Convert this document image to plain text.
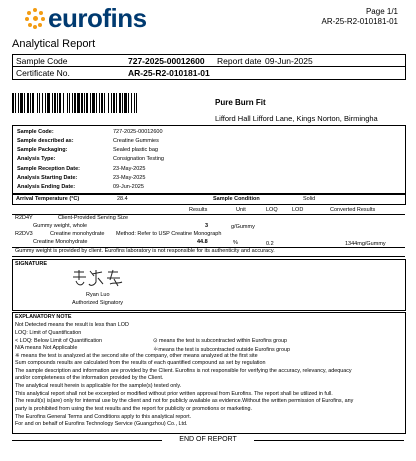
eurofins	Page 1/1
AR-25-R2-010181-01
Analytical Report
Sample Code	727-2025-00012600 Report date 09-Jun-2025
Certificate No.	AR-25-R2-010181-01
Pure Burn Fit
Lifford Hall Lifford Lane, Kings Norton, Birmingha
Sample Code:	727-2025-00012600
Sample described as:	Creatine Gummies
Sample Packaging:	Sealed plastic bag
Analysis Type:	Consignation Testing
Sample Reception Date:	23-May-2025
Analysis Starting Date:	23-May-2025
Analysis Ending Date:	09-Jun-2025
Arrival Temperature (°C)	28.4	Sample Condition	Solid
Results	Unit	LOQ	LOD	Converted Results
R2D4Y	Client-Provided Serving Size
Gummy weight, whole	3	g/Gummy
R2DV3	Creatine monohydrate Method: Refer to USP Creatine Monograph
Creatine Monohydrate	44.8	%	0.2	1344mg/Gummy
Gummy weight is provided by client. Eurofins laboratory is not responsible for its authenticity and accuracy.
SIGNATURE
Ryan Luo
Authorized Signatory

EXPLANATORY NOTE

Not Detected means the result is less than LOD

LOQ: Limit of Quantification

< LOQ: Below Limit of Quantification

N/A means Not Applicable

⊙ means the test is subcontracted within Eurofins group

＊means the test is subcontracted outside Eurofins group

※ means the test is analyzed at the second site of the company, other means analyzed at the first site

Sum compounds results are calculated from the results of each quantified compound as set by regulation

The sample description and information are provided by the Client. Eurofins is not responsible for verifying the accuracy, relevancy, adequacy

and/or completeness of the information provided by the Client.

The analytical result herein is applicable for the sample(s) tested only.

This analytical report shall not be excerpted or modified without prior written approval from Eurofins. The report shall be utilized in full.

The result(s) is(are) only for internal use by the client and not for publicly available as evidence.Without the written permission of Eurofins, any

party is prohibited from using the test results and the report for publicity or promotions or marketing.

The Eurofins General Terms and Conditions apply to this analytical report.

For and on behalf of Eurofins Technology Service (Guangzhou) Co., Ltd.

END OF REPORT
